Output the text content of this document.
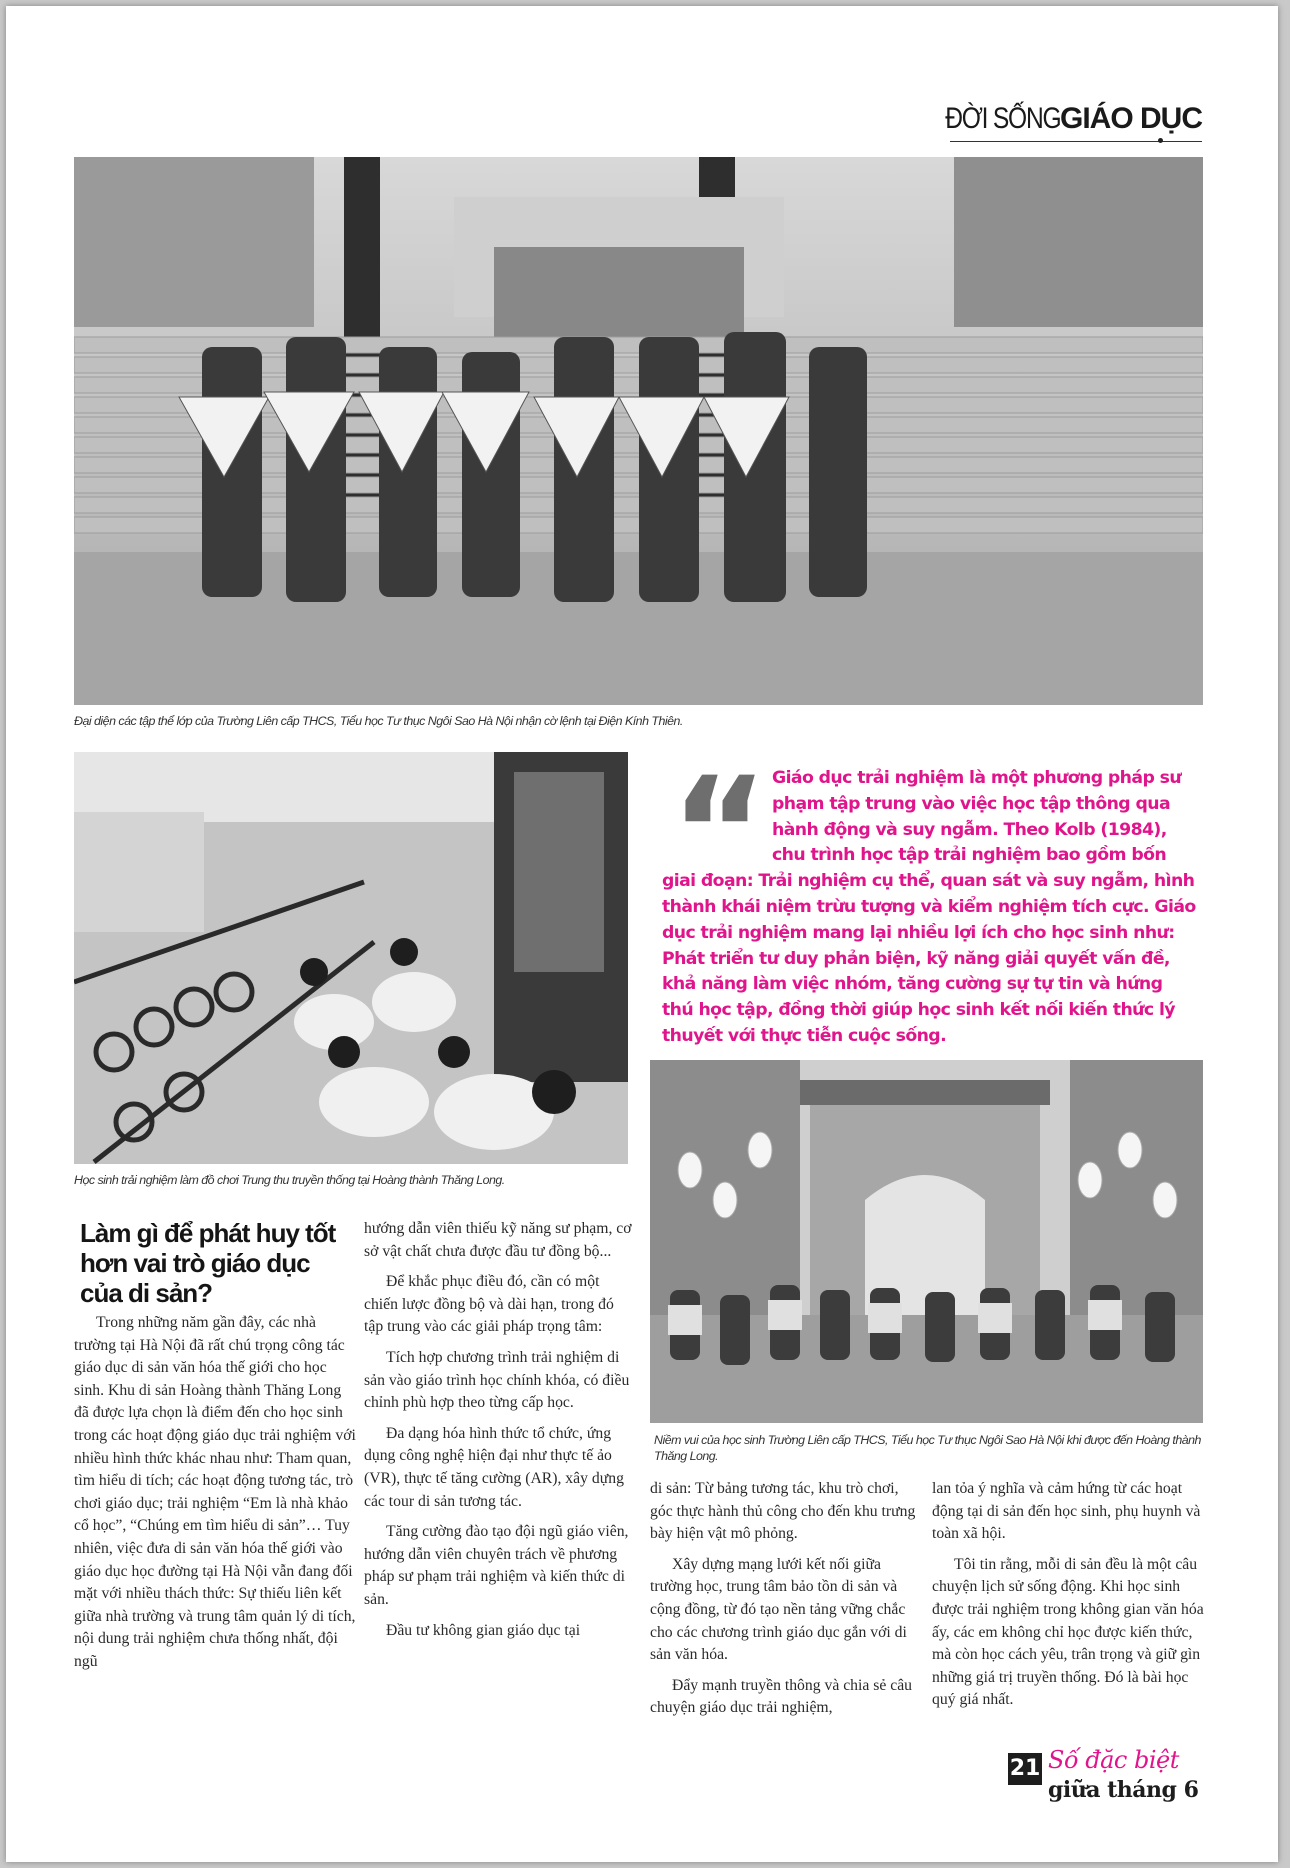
ĐỜI SỐNGGIÁO DỤC
Đại diện các tập thể lớp của Trường Liên cấp THCS, Tiểu học Tư thục Ngôi Sao Hà Nội nhận cờ lệnh tại Điện Kính Thiên.
Học sinh trải nghiệm làm đồ chơi Trung thu truyền thống tại Hoàng thành Thăng Long.
“ Giáo dục trải nghiệm là một phương pháp sư phạm tập trung vào việc học tập thông qua hành động và suy ngẫm. Theo Kolb (1984), chu trình học tập trải nghiệm bao gồm bốn giai đoạn: Trải nghiệm cụ thể, quan sát và suy ngẫm, hình thành khái niệm trừu tượng và kiểm nghiệm tích cực. Giáo dục trải nghiệm mang lại nhiều lợi ích cho học sinh như: Phát triển tư duy phản biện, kỹ năng giải quyết vấn đề, khả năng làm việc nhóm, tăng cường sự tự tin và hứng thú học tập, đồng thời giúp học sinh kết nối kiến thức lý thuyết với thực tiễn cuộc sống.
Niềm vui của học sinh Trường Liên cấp THCS, Tiểu học Tư thục Ngôi Sao Hà Nội khi được đến Hoàng thành Thăng Long.
Làm gì để phát huy tốt hơn vai trò giáo dục của di sản?

Trong những năm gần đây, các nhà trường tại Hà Nội đã rất chú trọng công tác giáo dục di sản văn hóa thế giới cho học sinh. Khu di sản Hoàng thành Thăng Long đã được lựa chọn là điểm đến cho học sinh trong các hoạt động giáo dục trải nghiệm với nhiều hình thức khác nhau như: Tham quan, tìm hiểu di tích; các hoạt động tương tác, trò chơi giáo dục; trải nghiệm “Em là nhà khảo cổ học”, “Chúng em tìm hiểu di sản”… Tuy nhiên, việc đưa di sản văn hóa thế giới vào giáo dục học đường tại Hà Nội vẫn đang đối mặt với nhiều thách thức: Sự thiếu liên kết giữa nhà trường và trung tâm quản lý di tích, nội dung trải nghiệm chưa thống nhất, đội ngũ

hướng dẫn viên thiếu kỹ năng sư phạm, cơ sở vật chất chưa được đầu tư đồng bộ...

Để khắc phục điều đó, cần có một chiến lược đồng bộ và dài hạn, trong đó tập trung vào các giải pháp trọng tâm:

Tích hợp chương trình trải nghiệm di sản vào giáo trình học chính khóa, có điều chỉnh phù hợp theo từng cấp học.

Đa dạng hóa hình thức tổ chức, ứng dụng công nghệ hiện đại như thực tế ảo (VR), thực tế tăng cường (AR), xây dựng các tour di sản tương tác.

Tăng cường đào tạo đội ngũ giáo viên, hướng dẫn viên chuyên trách về phương pháp sư phạm trải nghiệm và kiến thức di sản.

Đầu tư không gian giáo dục tại

di sản: Từ bảng tương tác, khu trò chơi, góc thực hành thủ công cho đến khu trưng bày hiện vật mô phỏng.

Xây dựng mạng lưới kết nối giữa trường học, trung tâm bảo tồn di sản và cộng đồng, từ đó tạo nền tảng vững chắc cho các chương trình giáo dục gắn với di sản văn hóa.

Đẩy mạnh truyền thông và chia sẻ câu chuyện giáo dục trải nghiệm,

lan tỏa ý nghĩa và cảm hứng từ các hoạt động tại di sản đến học sinh, phụ huynh và toàn xã hội.

Tôi tin rằng, mỗi di sản đều là một câu chuyện lịch sử sống động. Khi học sinh được trải nghiệm trong không gian văn hóa ấy, các em không chỉ học được kiến thức, mà còn học cách yêu, trân trọng và giữ gìn những giá trị truyền thống. Đó là bài học quý giá nhất.

21 Số đặc biệt
giữa tháng 6
